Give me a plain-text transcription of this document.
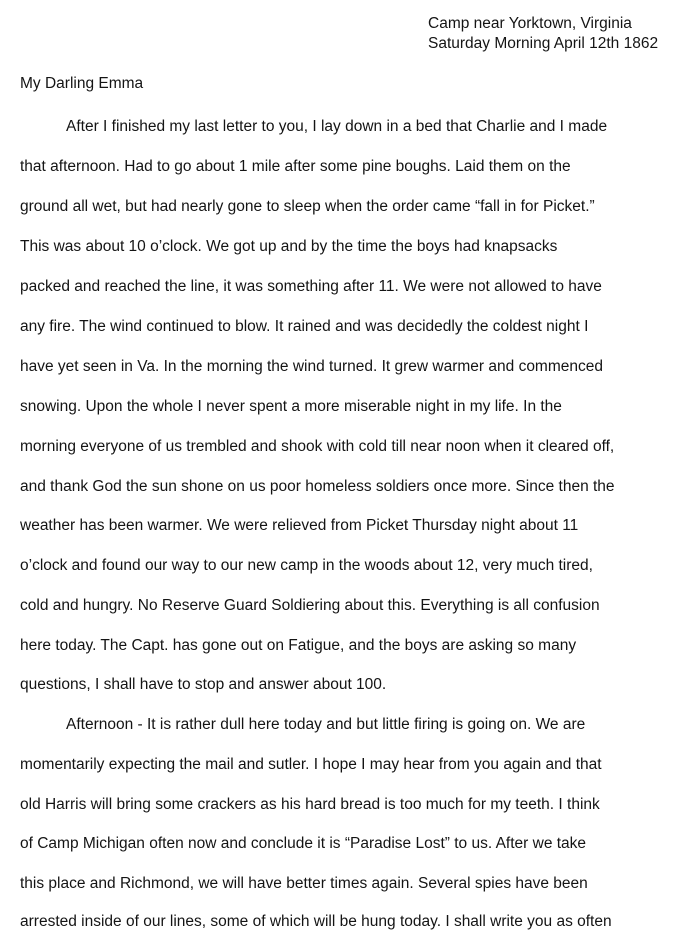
Camp near Yorktown, Virginia
Saturday Morning April 12th 1862
My Darling Emma
After I finished my last letter to you, I lay down in a bed that Charlie and I made
that afternoon. Had to go about 1 mile after some pine boughs. Laid them on the
ground all wet, but had nearly gone to sleep when the order came “fall in for Picket.”
This was about 10 o’clock. We got up and by the time the boys had knapsacks
packed and reached the line, it was something after 11. We were not allowed to have
any fire. The wind continued to blow. It rained and was decidedly the coldest night I
have yet seen in Va. In the morning the wind turned. It grew warmer and commenced
snowing. Upon the whole I never spent a more miserable night in my life. In the
morning everyone of us trembled and shook with cold till near noon when it cleared off,
and thank God the sun shone on us poor homeless soldiers once more. Since then the
weather has been warmer. We were relieved from Picket Thursday night about 11
o’clock and found our way to our new camp in the woods about 12, very much tired,
cold and hungry. No Reserve Guard Soldiering about this. Everything is all confusion
here today. The Capt. has gone out on Fatigue, and the boys are asking so many
questions, I shall have to stop and answer about 100.
Afternoon - It is rather dull here today and but little firing is going on. We are
momentarily expecting the mail and sutler. I hope I may hear from you again and that
old Harris will bring some crackers as his hard bread is too much for my teeth. I think
of Camp Michigan often now and conclude it is “Paradise Lost” to us. After we take
this place and Richmond, we will have better times again. Several spies have been
arrested inside of our lines, some of which will be hung today. I shall write you as often
